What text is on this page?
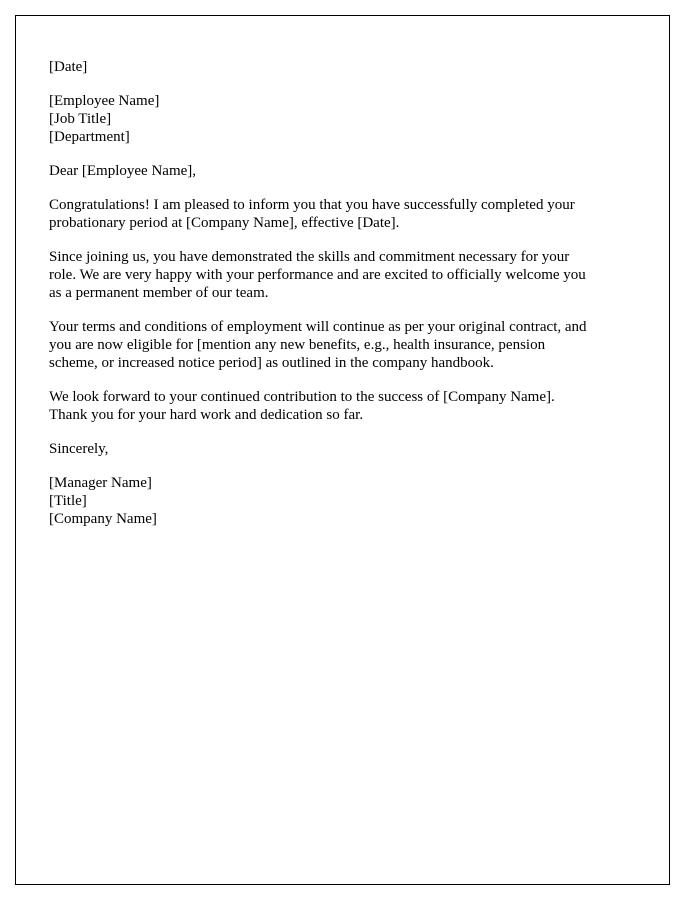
[Date]
[Employee Name]
[Job Title]
[Department]
Dear [Employee Name],
Congratulations! I am pleased to inform you that you have successfully completed your probationary period at [Company Name], effective [Date].
Since joining us, you have demonstrated the skills and commitment necessary for your role. We are very happy with your performance and are excited to officially welcome you as a permanent member of our team.
Your terms and conditions of employment will continue as per your original contract, and you are now eligible for [mention any new benefits, e.g., health insurance, pension scheme, or increased notice period] as outlined in the company handbook.
We look forward to your continued contribution to the success of [Company Name]. Thank you for your hard work and dedication so far.
Sincerely,
[Manager Name]
[Title]
[Company Name]
